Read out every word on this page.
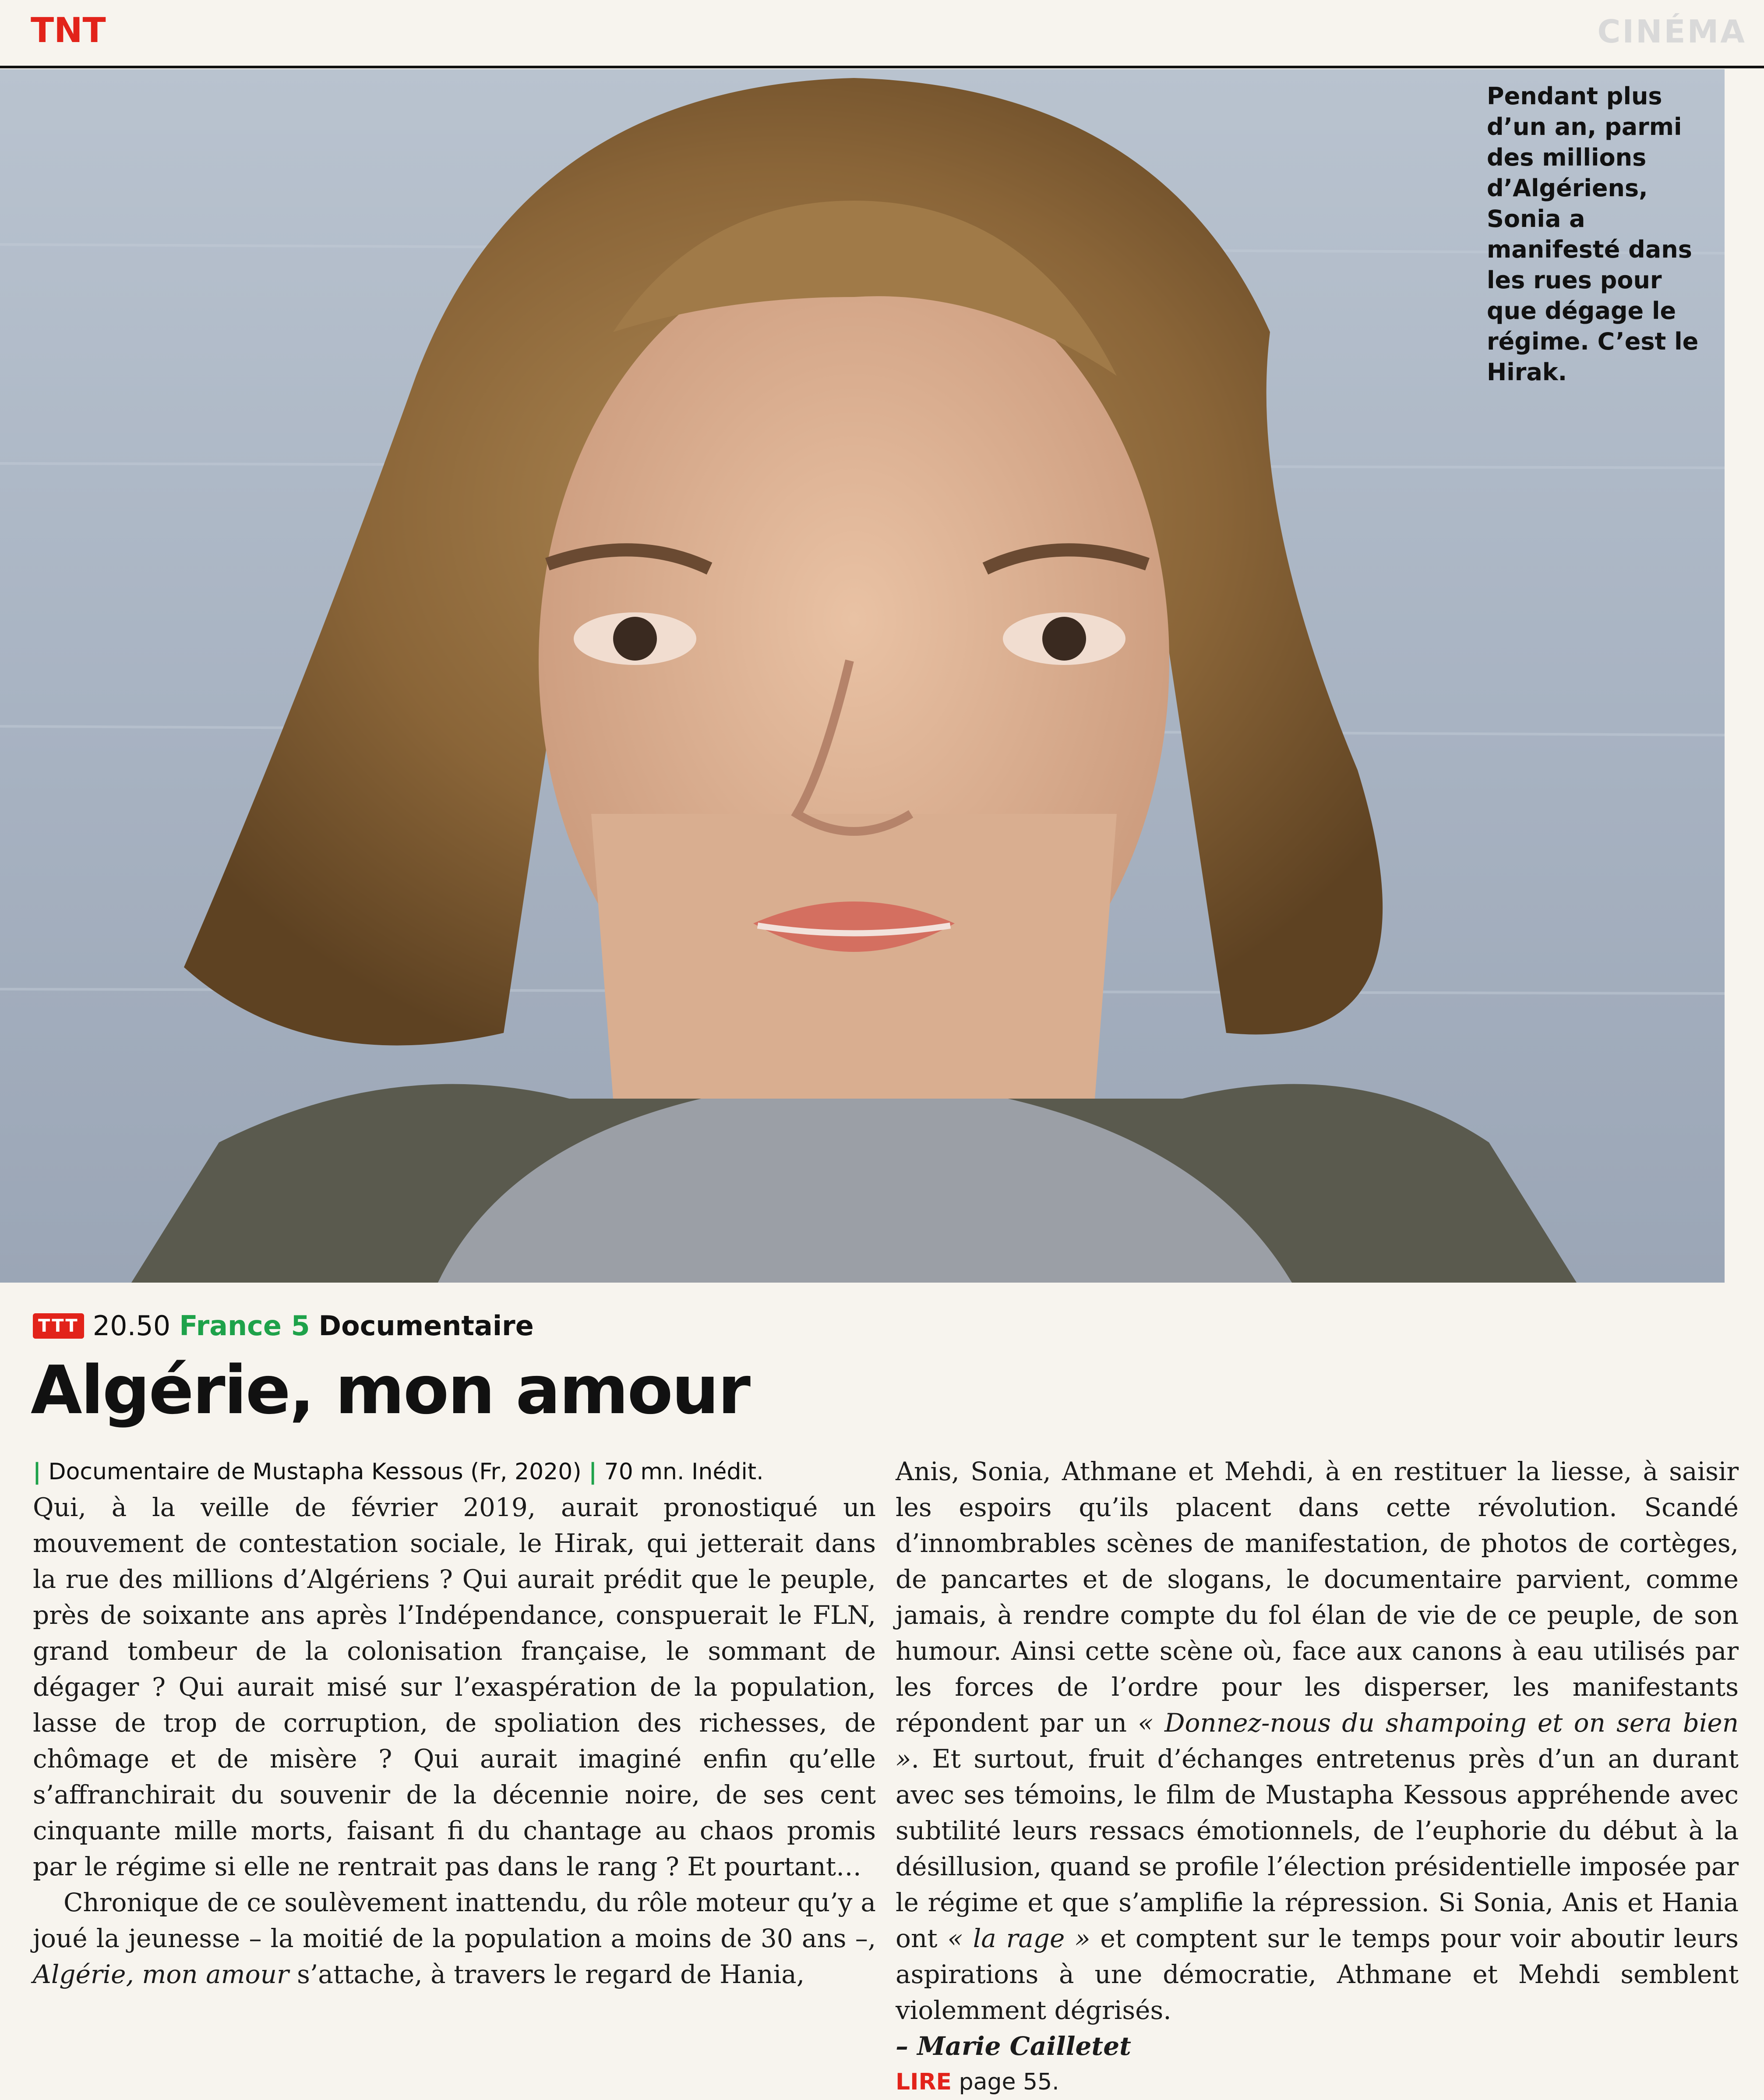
TNT	CINÉMA
Pendant plus d’un an, parmi des millions d’Algériens, Sonia a manifesté dans les rues pour que dégage le régime. C’est le Hirak.
TTT 20.50 France 5 Documentaire
Algérie, mon amour
| Documentaire de Mustapha Kessous (Fr, 2020) | 70 mn. Inédit.

Qui, à la veille de février 2019, aurait pronostiqué un mouvement de contestation sociale, le Hirak, qui jetterait dans la rue des millions d’Algériens ? Qui aurait prédit que le peuple, près de soixante ans après l’Indépendance, conspuerait le FLN, grand tombeur de la colonisation française, le sommant de dégager ? Qui aurait misé sur l’exaspération de la population, lasse de trop de corruption, de spoliation des richesses, de chômage et de misère ? Qui aurait imaginé enfin qu’elle s’affranchirait du souvenir de la décennie noire, de ses cent cinquante mille morts, faisant fi du chantage au chaos promis par le régime si elle ne rentrait pas dans le rang ? Et pourtant…

Chronique de ce soulèvement inattendu, du rôle moteur qu’y a joué la jeunesse – la moitié de la population a moins de 30 ans –, Algérie, mon amour s’attache, à travers le regard de Hania,

Anis, Sonia, Athmane et Mehdi, à en restituer la liesse, à saisir les espoirs qu’ils placent dans cette révolution. Scandé d’innombrables scènes de manifestation, de photos de cortèges, de pancartes et de slogans, le documentaire parvient, comme jamais, à rendre compte du fol élan de vie de ce peuple, de son humour. Ainsi cette scène où, face aux canons à eau utilisés par les forces de l’ordre pour les disperser, les manifestants répondent par un « Donnez-nous du shampoing et on sera bien ». Et surtout, fruit d’échanges entretenus près d’un an durant avec ses témoins, le film de Mustapha Kessous appréhende avec subtilité leurs ressacs émotionnels, de l’euphorie du début à la désillusion, quand se profile l’élection présidentielle imposée par le régime et que s’amplifie la répression. Si Sonia, Anis et Hania ont « la rage » et comptent sur le temps pour voir aboutir leurs aspirations à une démocratie, Athmane et Mehdi semblent violemment dégrisés.

– Marie Cailletet

LIRE page 55.
